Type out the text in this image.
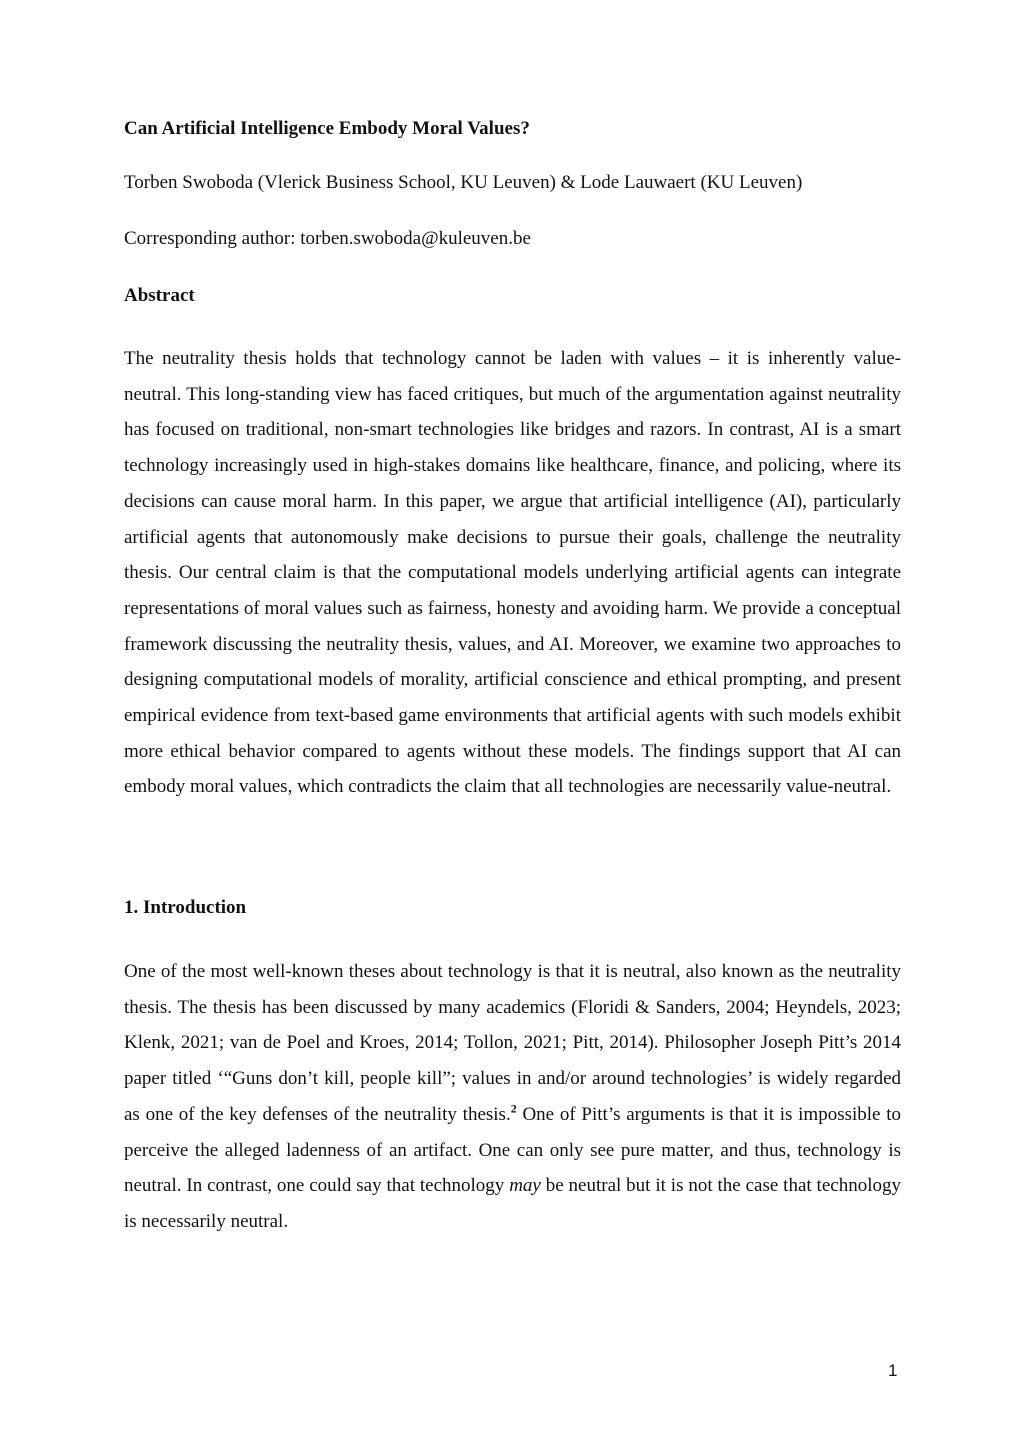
Can Artificial Intelligence Embody Moral Values?

Torben Swoboda (Vlerick Business School, KU Leuven) & Lode Lauwaert (KU Leuven)

Corresponding author: torben.swoboda@kuleuven.be

Abstract

The neutrality thesis holds that technology cannot be laden with values – it is inherently value-neutral. This long-standing view has faced critiques, but much of the argumentation against neutrality has focused on traditional, non-smart technologies like bridges and razors. In contrast, AI is a smart technology increasingly used in high-stakes domains like healthcare, finance, and policing, where its decisions can cause moral harm. In this paper, we argue that artificial intelligence (AI), particularly artificial agents that autonomously make decisions to pursue their goals, challenge the neutrality thesis. Our central claim is that the computational models underlying artificial agents can integrate representations of moral values such as fairness, honesty and avoiding harm. We provide a conceptual framework discussing the neutrality thesis, values, and AI. Moreover, we examine two approaches to designing computational models of morality, artificial conscience and ethical prompting, and present empirical evidence from text-based game environments that artificial agents with such models exhibit more ethical behavior compared to agents without these models. The findings support that AI can embody moral values, which contradicts the claim that all technologies are necessarily value-neutral.

1. Introduction

One of the most well-known theses about technology is that it is neutral, also known as the neutrality thesis. The thesis has been discussed by many academics (Floridi & Sanders, 2004; Heyndels, 2023; Klenk, 2021; van de Poel and Kroes, 2014; Tollon, 2021; Pitt, 2014). Philosopher Joseph Pitt’s 2014 paper titled ‘“Guns don’t kill, people kill”; values in and/or around technologies’ is widely regarded as one of the key defenses of the neutrality thesis.$^2$ One of Pitt’s arguments is that it is impossible to perceive the alleged ladenness of an artifact. One can only see pure matter, and thus, technology is neutral. In contrast, one could say that technology may be neutral but it is not the case that technology is necessarily neutral.

1
